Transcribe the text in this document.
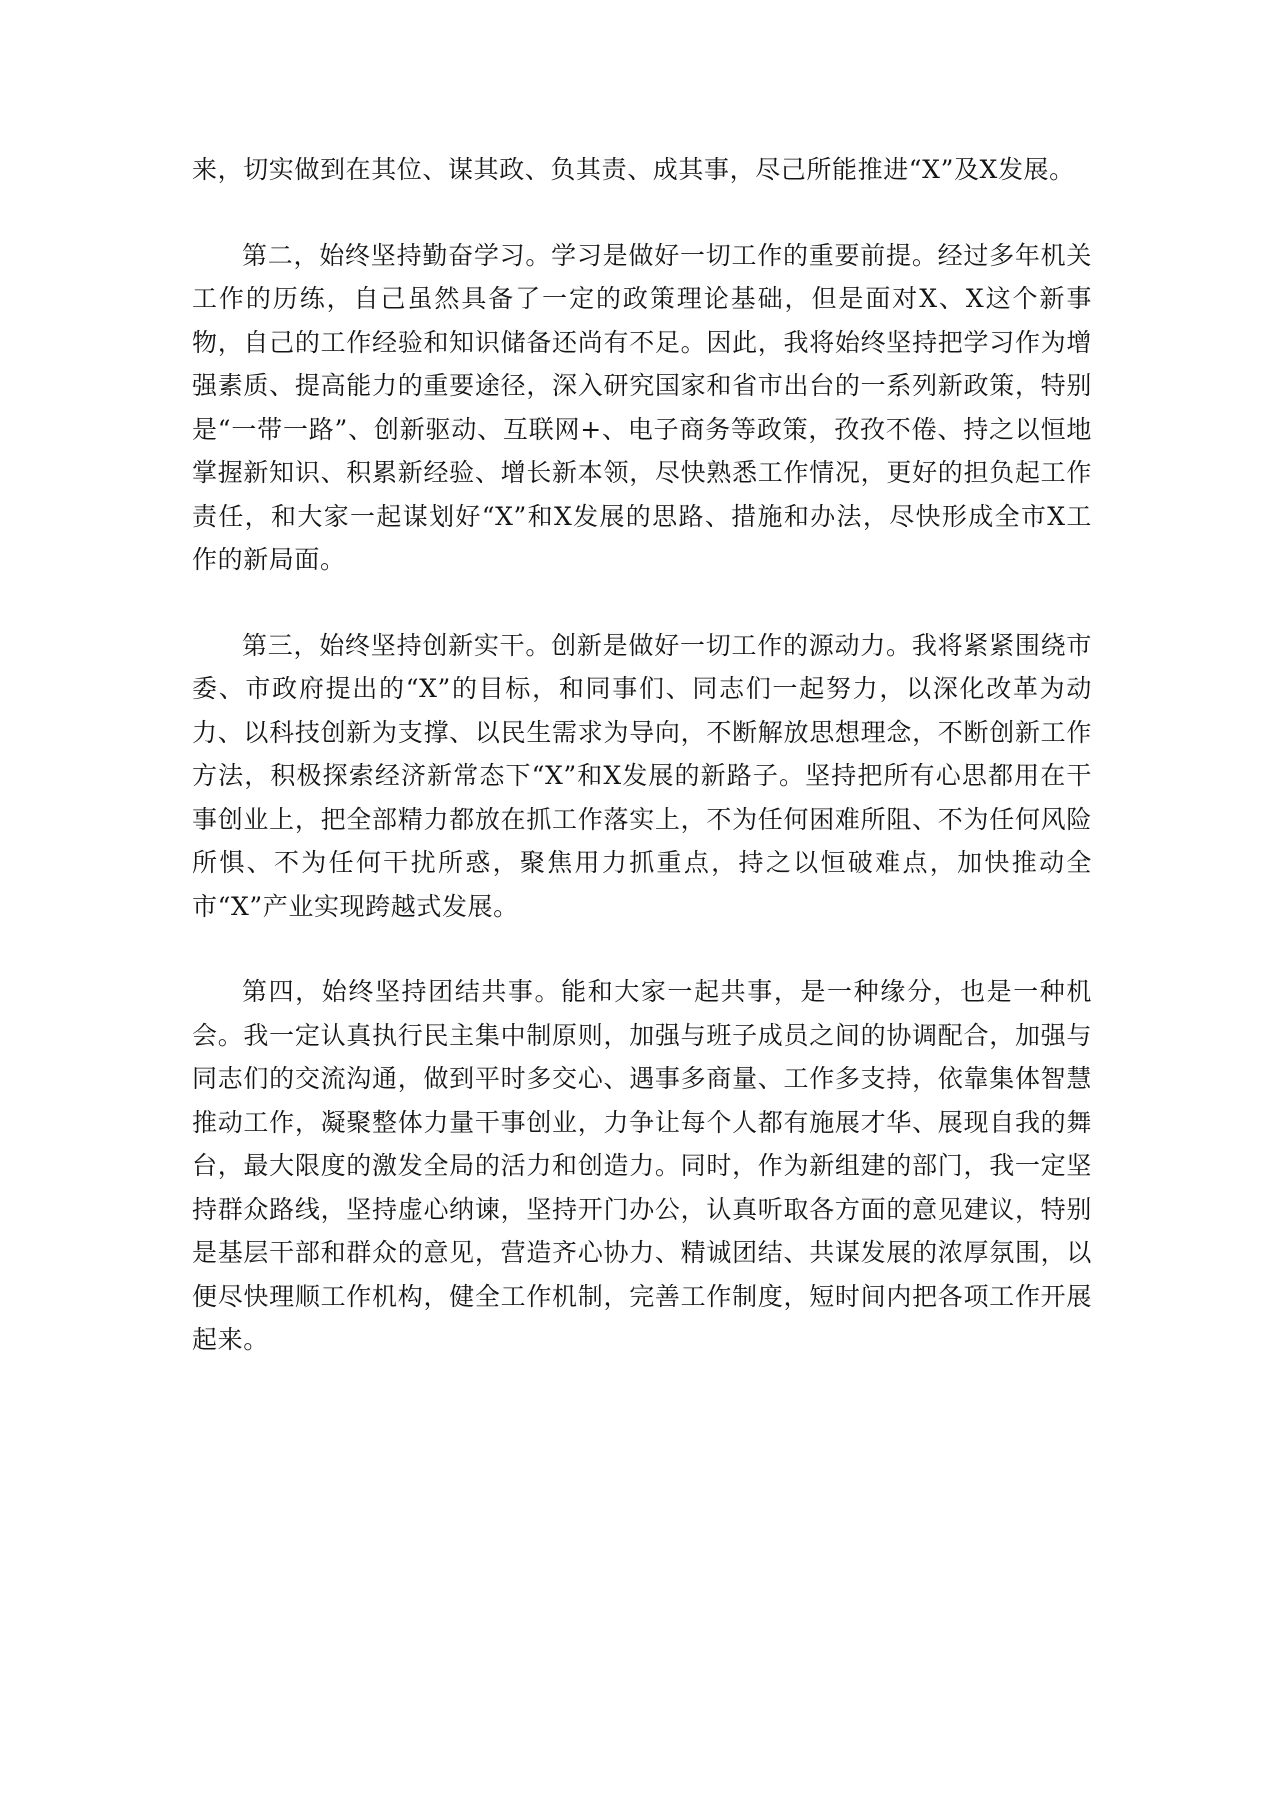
来，切实做到在其位、谋其政、负其责、成其事，尽己所能推进“X”及X发展。

第二，始终坚持勤奋学习。学习是做好一切工作的重要前提。经过多年机关工作的历练，自己虽然具备了一定的政策理论基础，但是面对X、X这个新事物，自己的工作经验和知识储备还尚有不足。因此，我将始终坚持把学习作为增强素质、提高能力的重要途径，深入研究国家和省市出台的一系列新政策，特别是“一带一路”、创新驱动、互联网+、电子商务等政策，孜孜不倦、持之以恒地掌握新知识、积累新经验、增长新本领，尽快熟悉工作情况，更好的担负起工作责任，和大家一起谋划好“X”和X发展的思路、措施和办法，尽快形成全市X工作的新局面。

第三，始终坚持创新实干。创新是做好一切工作的源动力。我将紧紧围绕市委、市政府提出的“X”的目标，和同事们、同志们一起努力，以深化改革为动力、以科技创新为支撑、以民生需求为导向，不断解放思想理念，不断创新工作方法，积极探索经济新常态下“X”和X发展的新路子。坚持把所有心思都用在干事创业上，把全部精力都放在抓工作落实上，不为任何困难所阻、不为任何风险所惧、不为任何干扰所惑，聚焦用力抓重点，持之以恒破难点，加快推动全市“X”产业实现跨越式发展。

第四，始终坚持团结共事。能和大家一起共事，是一种缘分，也是一种机会。我一定认真执行民主集中制原则，加强与班子成员之间的协调配合，加强与同志们的交流沟通，做到平时多交心、遇事多商量、工作多支持，依靠集体智慧推动工作，凝聚整体力量干事创业，力争让每个人都有施展才华、展现自我的舞台，最大限度的激发全局的活力和创造力。同时，作为新组建的部门，我一定坚持群众路线，坚持虚心纳谏，坚持开门办公，认真听取各方面的意见建议，特别是基层干部和群众的意见，营造齐心协力、精诚团结、共谋发展的浓厚氛围，以便尽快理顺工作机构，健全工作机制，完善工作制度，短时间内把各项工作开展起来。
